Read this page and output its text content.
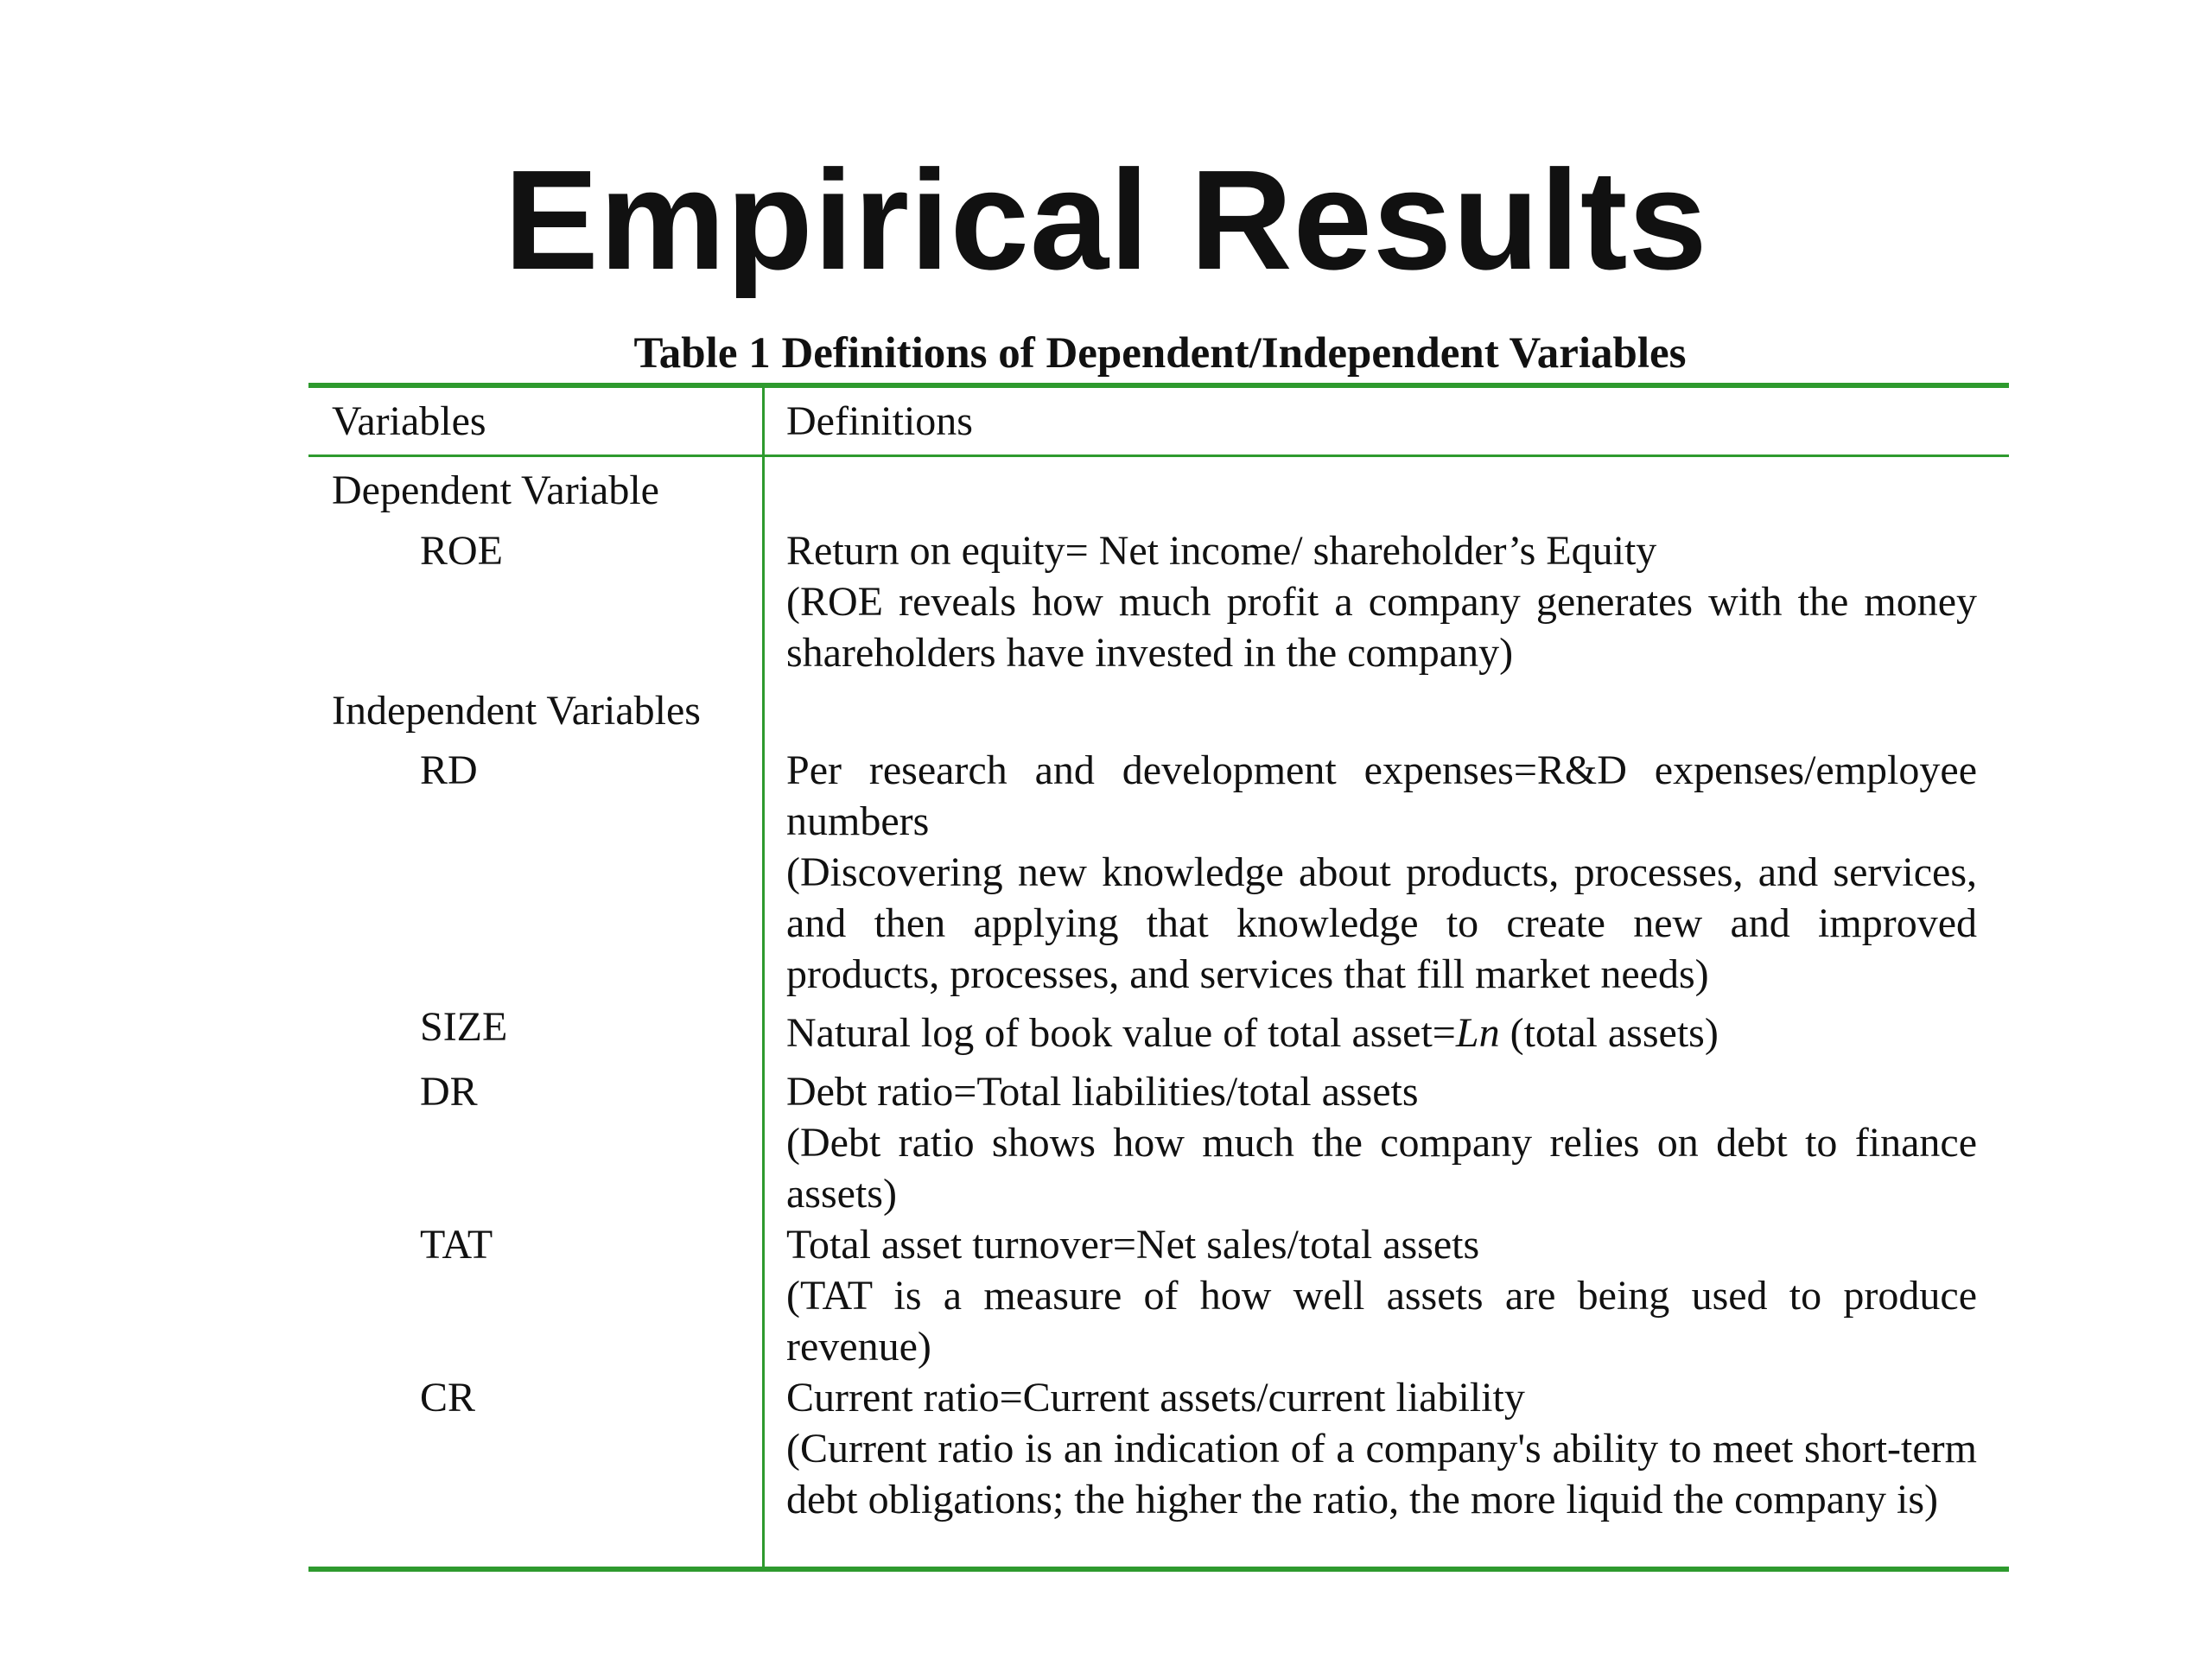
Empirical Results
Table 1 Definitions of Dependent/Independent Variables
Variables	Definitions
Dependent Variable
ROE	Return on equity= Net income/ shareholder’s Equity

(ROE reveals how much profit a company generates with the money shareholders have invested in the company)

Independent Variables
RD	Per research and development expenses=R&D expenses/employee numbers

(Discovering new knowledge about products, processes, and services, and then applying that knowledge to create new and improved products, processes, and services that fill market needs)

SIZE	Natural log of book value of total asset=Ln (total assets)

DR	Debt ratio=Total liabilities/total assets

(Debt ratio shows how much the company relies on debt to finance assets)

TAT	Total asset turnover=Net sales/total assets

(TAT is a measure of how well assets are being used to produce revenue)

CR	Current ratio=Current assets/current liability

(Current ratio is an indication of a company's ability to meet short-term debt obligations; the higher the ratio, the more liquid the company is)
